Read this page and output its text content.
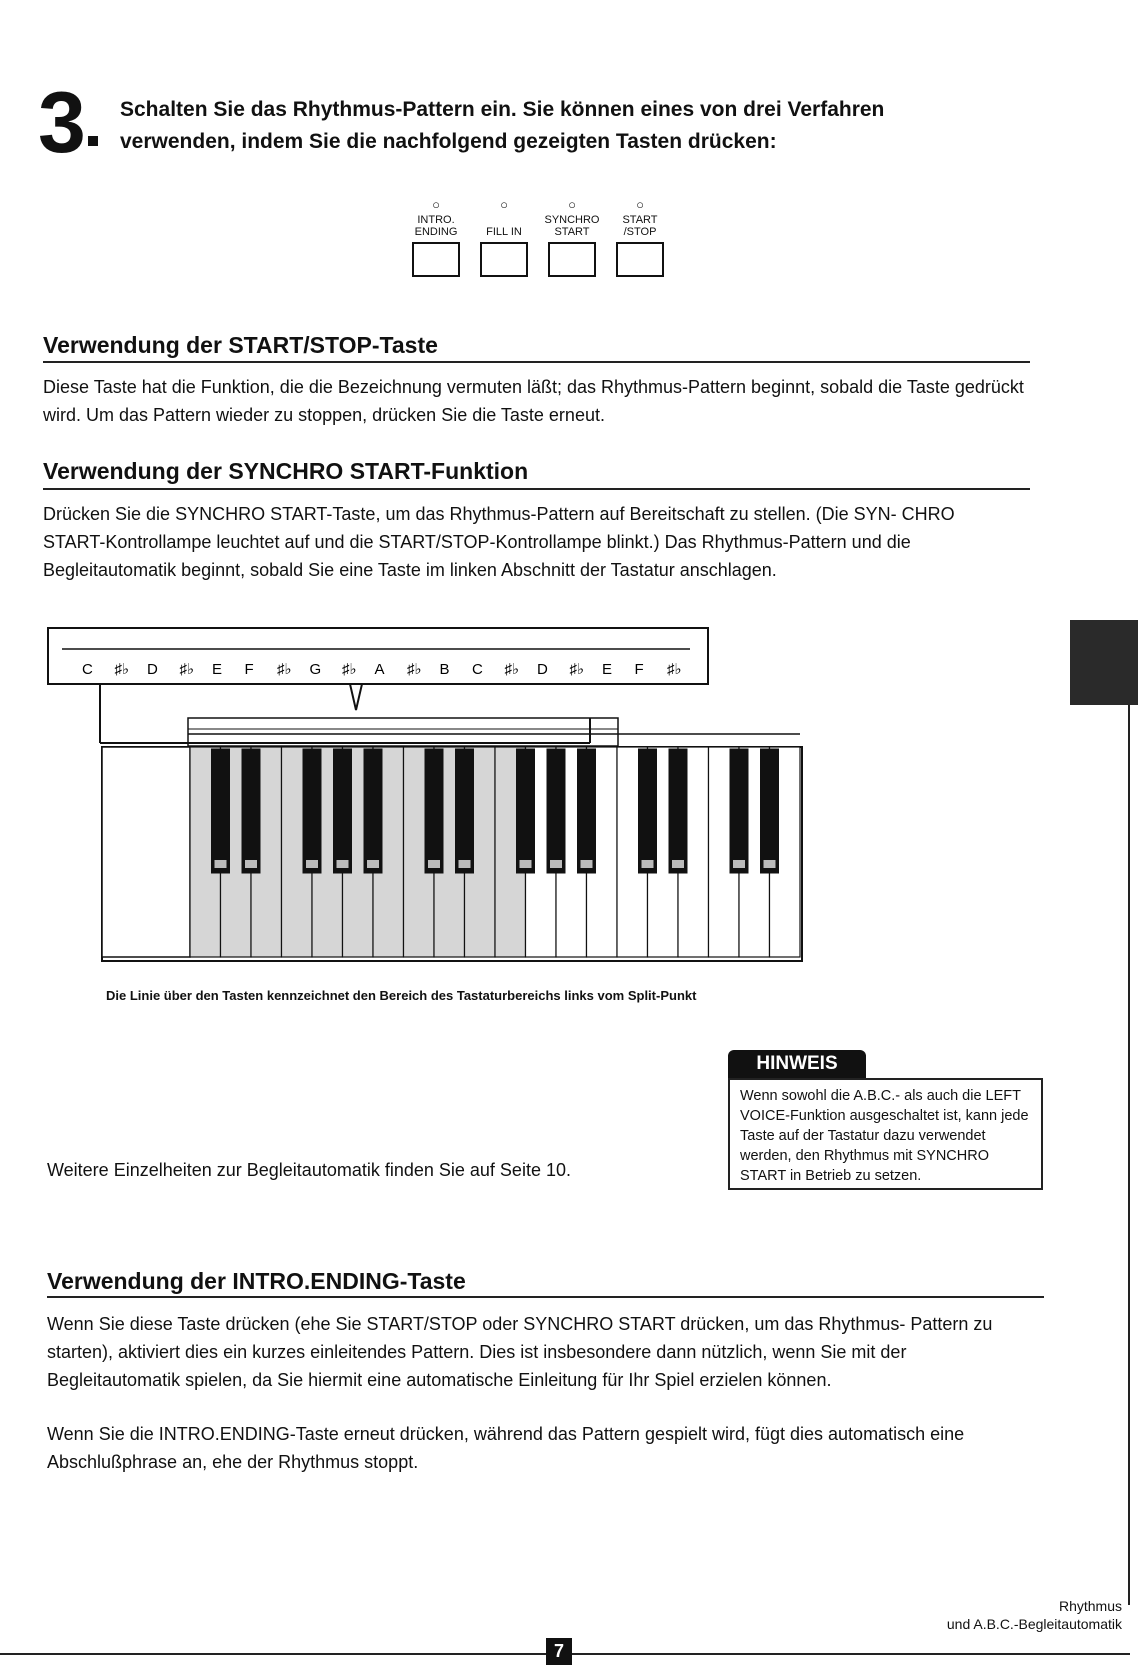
3 Schalten Sie das Rhythmus-Pattern ein. Sie können eines von drei Verfahren verwenden, indem Sie die nachfolgend gezeigten Tasten drücken:
○
INTRO.
ENDING
○
FILL IN
○
SYNCHRO
START
○
START
/STOP
Verwendung der START/STOP-Taste
Diese Taste hat die Funktion, die die Bezeichnung vermuten läßt; das Rhythmus-Pattern beginnt, sobald die Taste gedrückt wird. Um das Pattern wieder zu stoppen, drücken Sie die Taste erneut.
Verwendung der SYNCHRO START-Funktion
Drücken Sie die SYNCHRO START-Taste, um das Rhythmus-Pattern auf Bereitschaft zu stellen. (Die SYN- CHRO START-Kontrollampe leuchtet auf und die START/STOP-Kontrollampe blinkt.) Das Rhythmus-Pattern und die Begleitautomatik beginnt, sobald Sie eine Taste im linken Abschnitt der Tastatur anschlagen.
C ♯♭ D ♯♭ E F ♯♭ G ♯♭ A ♯♭ B C ♯♭ D ♯♭ E F ♯♭
Die Linie über den Tasten kennzeichnet den Bereich des Tastaturbereichs links vom Split-Punkt
HINWEIS
Wenn sowohl die A.B.C.- als auch die LEFT VOICE-Funktion ausgeschaltet ist, kann jede Taste auf der Tastatur dazu verwendet werden, den Rhythmus mit SYNCHRO START in Betrieb zu setzen.
Weitere Einzelheiten zur Begleitautomatik finden Sie auf Seite 10.
Verwendung der INTRO.ENDING-Taste
Wenn Sie diese Taste drücken (ehe Sie START/STOP oder SYNCHRO START drücken, um das Rhythmus- Pattern zu starten), aktiviert dies ein kurzes einleitendes Pattern. Dies ist insbesondere dann nützlich, wenn Sie mit der Begleitautomatik spielen, da Sie hiermit eine automatische Einleitung für Ihr Spiel erzielen können.
Wenn Sie die INTRO.ENDING-Taste erneut drücken, während das Pattern gespielt wird, fügt dies automatisch eine Abschlußphrase an, ehe der Rhythmus stoppt.
Rhythmus
und A.B.C.-Begleitautomatik
7
